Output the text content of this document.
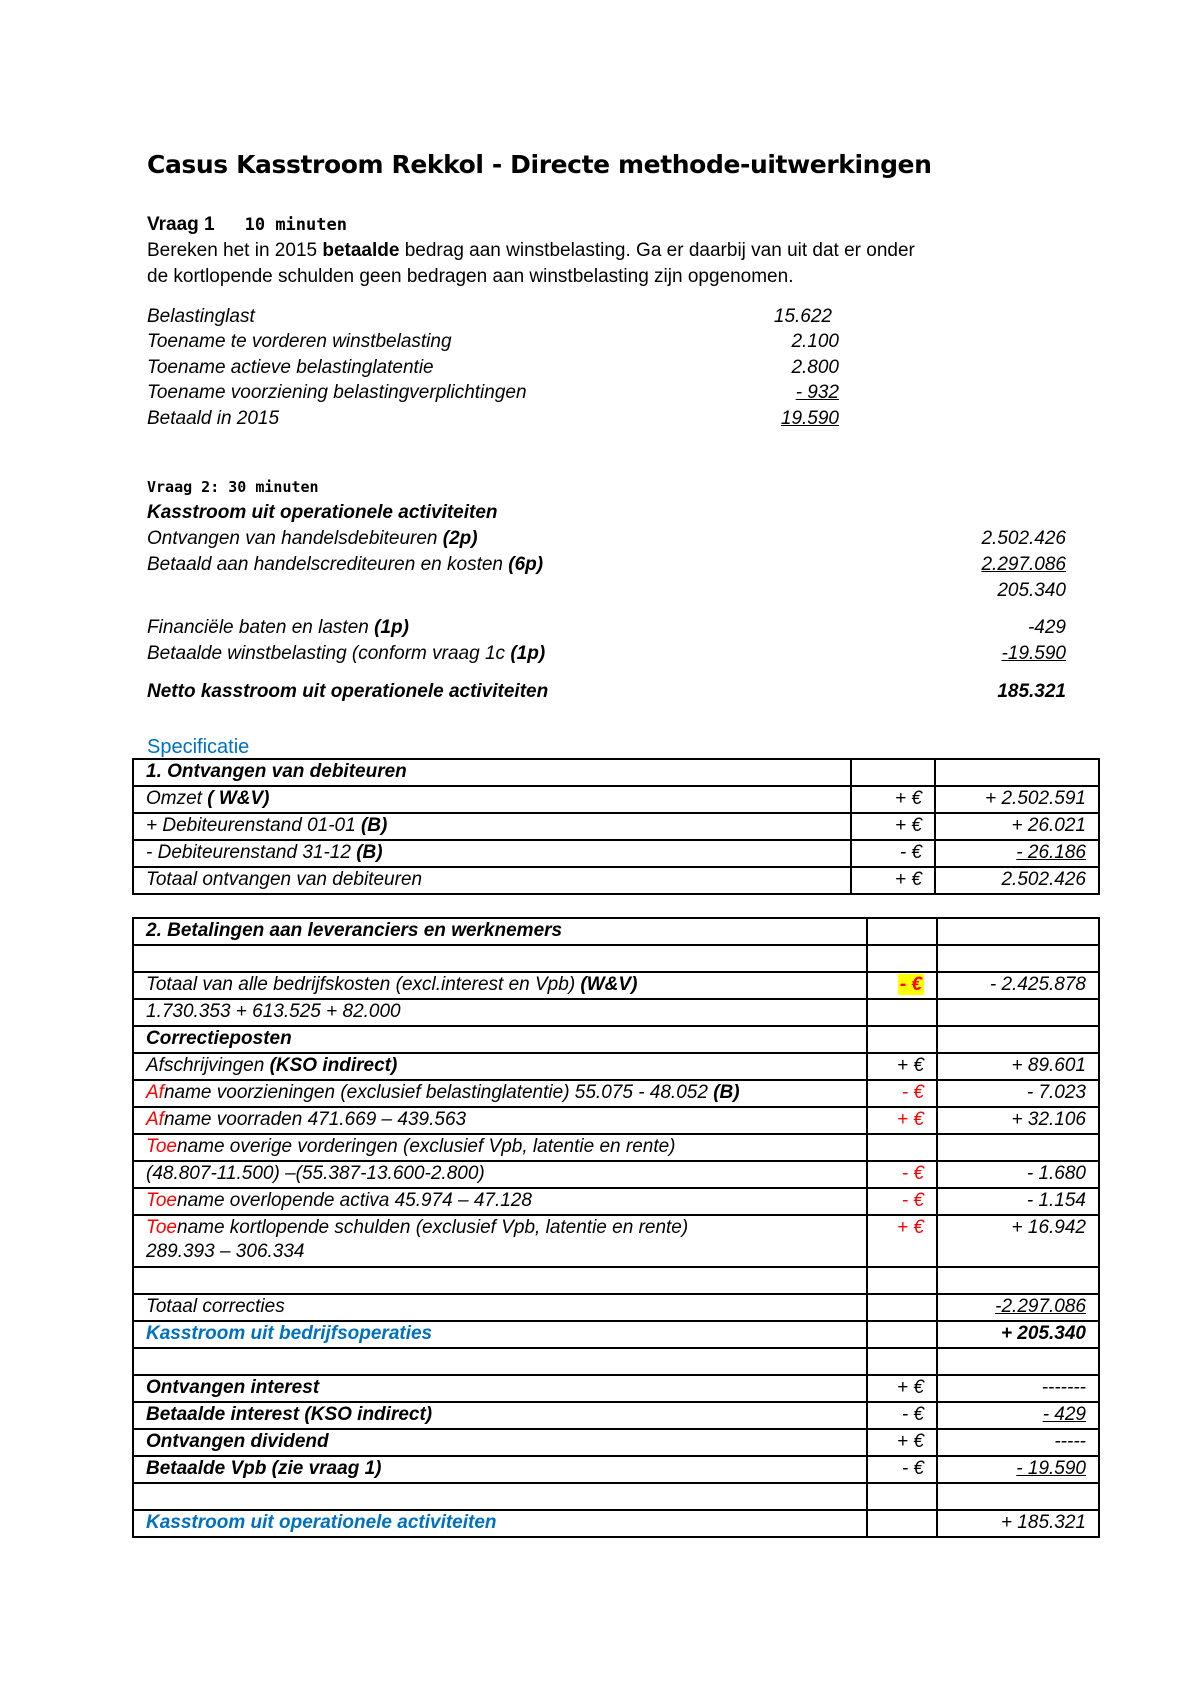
Casus Kasstroom Rekkol - Directe methode-uitwerkingen
Vraag 1 10 minuten
Bereken het in 2015 betaalde bedrag aan winstbelasting. Ga er daarbij van uit dat er onder
de kortlopende schulden geen bedragen aan winstbelasting zijn opgenomen.
Belastinglast	15.622
Toename te vorderen winstbelasting	2.100
Toename actieve belastinglatentie	2.800
Toename voorziening belastingverplichtingen	- 932
Betaald in 2015	19.590
Vraag 2: 30 minuten
Kasstroom uit operationele activiteiten
Ontvangen van handelsdebiteuren (2p)	2.502.426
Betaald aan handelscrediteuren en kosten (6p)	2.297.086
205.340
Financiële baten en lasten (1p)	-429
Betaalde winstbelasting (conform vraag 1c (1p)	-19.590
Netto kasstroom uit operationele activiteiten	185.321
Specificatie
1. Ontvangen van debiteuren		
Omzet ( W&V)	+ €	+ 2.502.591
+ Debiteurenstand 01-01 (B)	+ €	+ 26.021
- Debiteurenstand 31-12 (B)	- €	- 26.186
Totaal ontvangen van debiteuren	+ €	2.502.426
2. Betalingen aan leveranciers en werknemers		

Totaal van alle bedrijfskosten (excl.interest en Vpb) (W&V)	- €	- 2.425.878
1.730.353 + 613.525 + 82.000		
Correctieposten		
Afschrijvingen (KSO indirect)	+ €	+ 89.601
Afname voorzieningen (exclusief belastinglatentie) 55.075 - 48.052 (B)	- €	- 7.023
Afname voorraden 471.669 – 439.563	+ €	+ 32.106
Toename overige vorderingen (exclusief Vpb, latentie en rente)		
(48.807-11.500) –(55.387-13.600-2.800)	- €	- 1.680
Toename overlopende activa 45.974 – 47.128	- €	- 1.154
Toename kortlopende schulden (exclusief Vpb, latentie en rente)
289.393 – 306.334	+ €	+ 16.942

Totaal correcties		-2.297.086
Kasstroom uit bedrijfsoperaties		+ 205.340

Ontvangen interest	+ €	-------
Betaalde interest (KSO indirect)	- €	- 429
Ontvangen dividend	+ €	-----
Betaalde Vpb (zie vraag 1)	- €	- 19.590

Kasstroom uit operationele activiteiten		+ 185.321
